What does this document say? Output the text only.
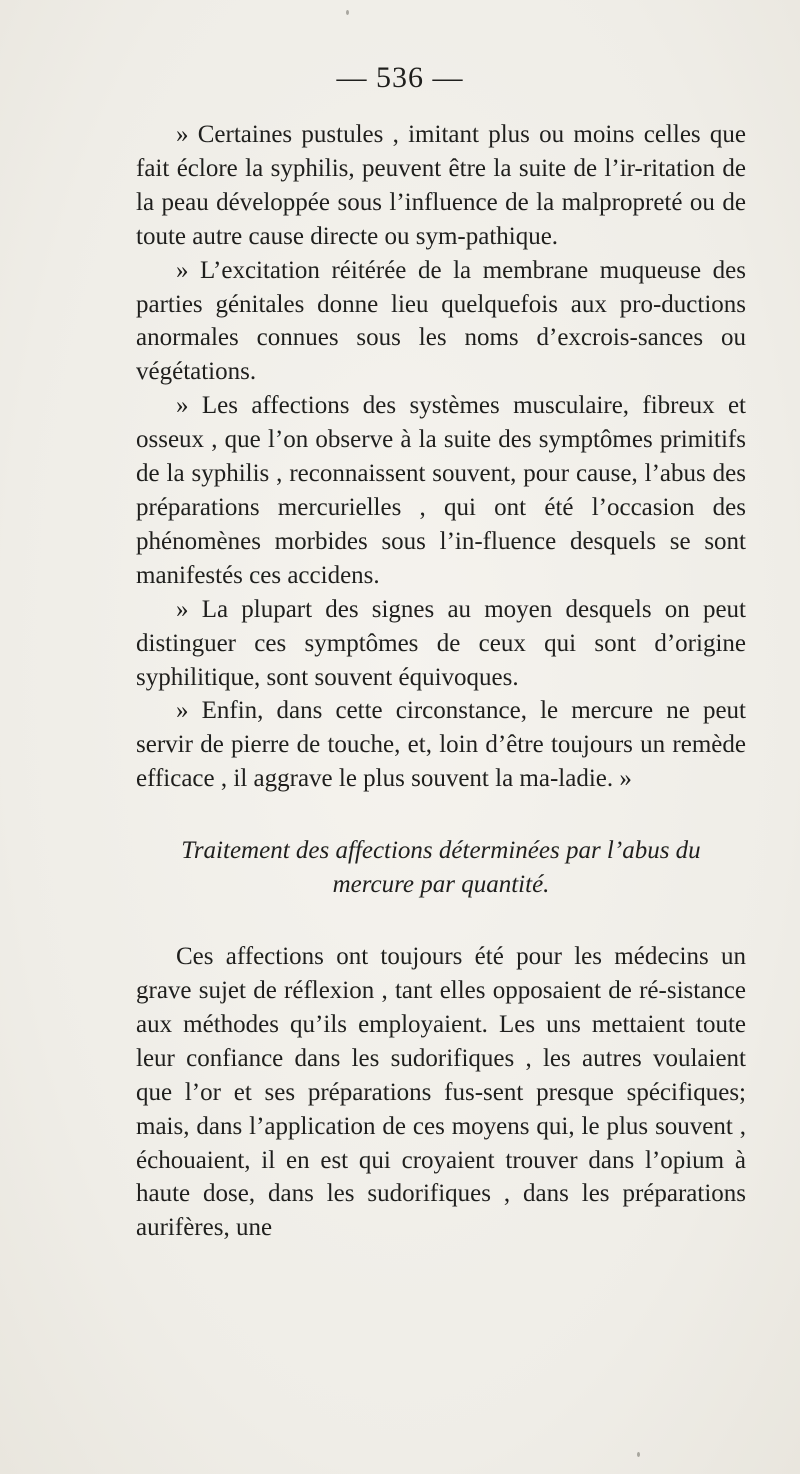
— 536 —

» Certaines pustules , imitant plus ou moins celles que fait éclore la syphilis, peuvent être la suite de l’ir-ritation de la peau développée sous l’influence de la malpropreté ou de toute autre cause directe ou sym-pathique.

» L’excitation réitérée de la membrane muqueuse des parties génitales donne lieu quelquefois aux pro-ductions anormales connues sous les noms d’excrois-sances ou végétations.

» Les affections des systèmes musculaire, fibreux et osseux , que l’on observe à la suite des symptômes primitifs de la syphilis , reconnaissent souvent, pour cause, l’abus des préparations mercurielles , qui ont été l’occasion des phénomènes morbides sous l’in-fluence desquels se sont manifestés ces accidens.

» La plupart des signes au moyen desquels on peut distinguer ces symptômes de ceux qui sont d’origine syphilitique, sont souvent équivoques.

» Enfin, dans cette circonstance, le mercure ne peut servir de pierre de touche, et, loin d’être toujours un remède efficace , il aggrave le plus souvent la ma-ladie. »

Traitement des affections déterminées par l’abus du
mercure par quantité.

Ces affections ont toujours été pour les médecins un grave sujet de réflexion , tant elles opposaient de ré-sistance aux méthodes qu’ils employaient. Les uns mettaient toute leur confiance dans les sudorifiques , les autres voulaient que l’or et ses préparations fus-sent presque spécifiques; mais, dans l’application de ces moyens qui, le plus souvent , échouaient, il en est qui croyaient trouver dans l’opium à haute dose, dans les sudorifiques , dans les préparations aurifères, une
